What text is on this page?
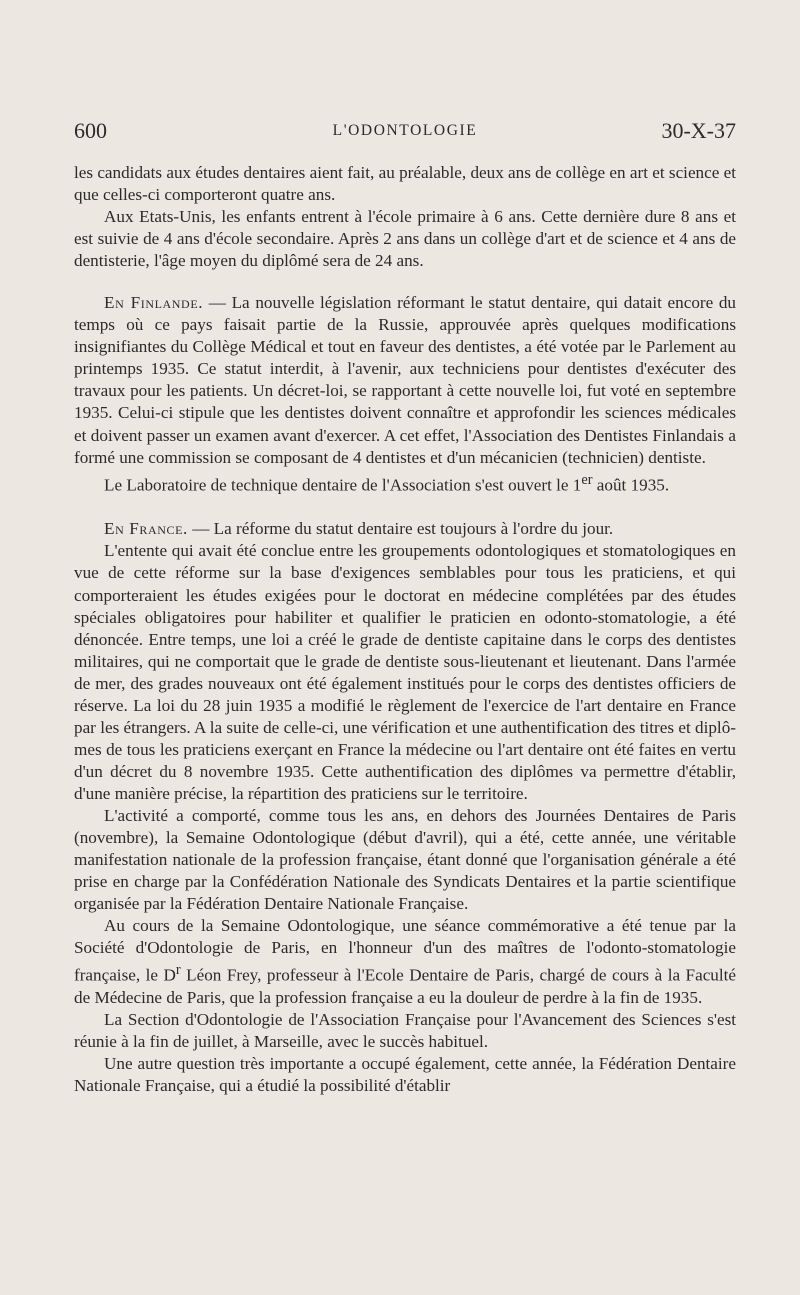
600	L'ODONTOLOGIE	30-X-37

les candidats aux études dentaires aient fait, au préalable, deux ans de collège en art et science et que celles-ci comporteront quatre ans.

Aux Etats-Unis, les enfants entrent à l'école primaire à 6 ans. Cette dernière dure 8 ans et est suivie de 4 ans d'école secondaire. Après 2 ans dans un collège d'art et de science et 4 ans de dentisterie, l'âge moyen du diplômé sera de 24 ans.

En Finlande. — La nouvelle législation réformant le statut dentaire, qui datait encore du temps où ce pays faisait partie de la Russie, approuvée après quelques modifications insignifiantes du Collège Médical et tout en faveur des dentistes, a été votée par le Parlement au printemps 1935. Ce statut interdit, à l'avenir, aux techniciens pour dentistes d'exécuter des travaux pour les patients. Un décret-loi, se rapportant à cette nouvelle loi, fut voté en septembre 1935. Celui-ci stipule que les dentistes doivent connaître et approfondir les sciences médicales et doivent passer un examen avant d'exercer. A cet effet, l'Association des Dentistes Finlandais a formé une commission se composant de 4 dentistes et d'un mécanicien (technicien) dentiste.

Le Laboratoire de technique dentaire de l'Association s'est ouvert le 1er août 1935.

En France. — La réforme du statut dentaire est toujours à l'ordre du jour.

L'entente qui avait été conclue entre les groupements odontologiques et stomatologiques en vue de cette réforme sur la base d'exigences semblables pour tous les praticiens, et qui comporteraient les études exigées pour le doctorat en médecine complétées par des études spéciales obligatoires pour habiliter et qualifier le praticien en odonto-stomatologie, a été dénoncée. Entre temps, une loi a créé le grade de dentiste capitaine dans le corps des dentistes militaires, qui ne comportait que le grade de dentiste sous-lieutenant et lieutenant. Dans l'armée de mer, des grades nouveaux ont été également institués pour le corps des dentistes officiers de réserve. La loi du 28 juin 1935 a modifié le règlement de l'exercice de l'art dentaire en France par les étrangers. A la suite de celle-ci, une vérification et une authentification des titres et diplômes de tous les praticiens exerçant en France la médecine ou l'art dentaire ont été faites en vertu d'un décret du 8 novembre 1935. Cette authentification des diplômes va permettre d'établir, d'une manière précise, la répartition des praticiens sur le territoire.

L'activité a comporté, comme tous les ans, en dehors des Journées Dentaires de Paris (novembre), la Semaine Odontologique (début d'avril), qui a été, cette année, une véritable manifestation nationale de la profession française, étant donné que l'organisation générale a été prise en charge par la Confédération Nationale des Syndicats Dentaires et la partie scientifique organisée par la Fédération Dentaire Nationale Française.

Au cours de la Semaine Odontologique, une séance commémorative a été tenue par la Société d'Odontologie de Paris, en l'honneur d'un des maîtres de l'odonto-stomatologie française, le $D^r$ Léon Frey, professeur à l'Ecole Dentaire de Paris, chargé de cours à la Faculté de Médecine de Paris, que la profession française a eu la douleur de perdre à la fin de 1935.

La Section d'Odontologie de l'Association Française pour l'Avancement des Sciences s'est réunie à la fin de juillet, à Marseille, avec le succès habituel.

Une autre question très importante a occupé également, cette année, la Fédération Dentaire Nationale Française, qui a étudié la possibilité d'établir
